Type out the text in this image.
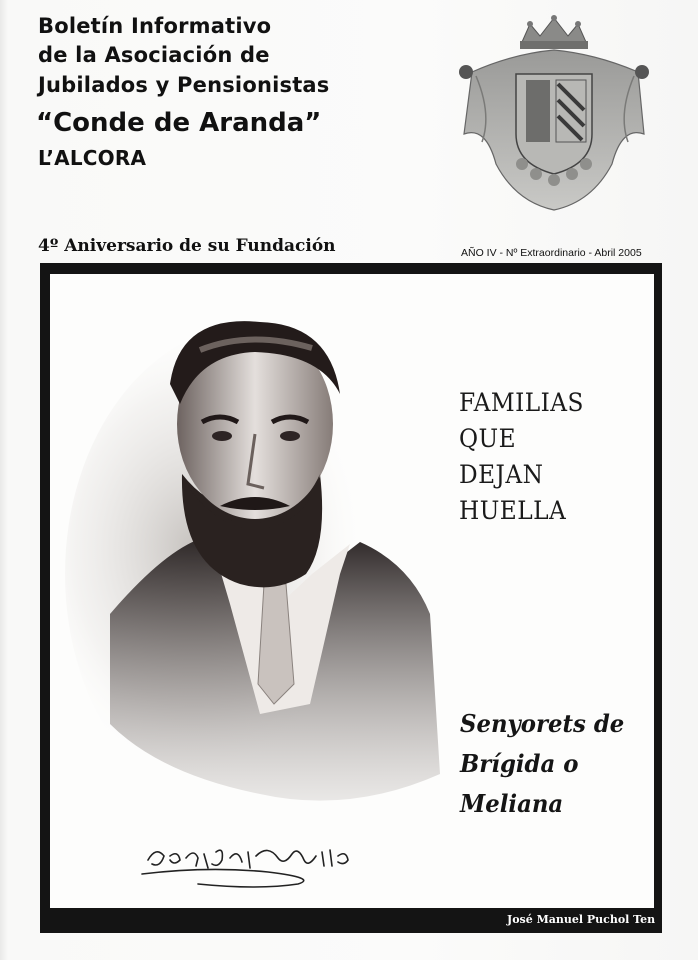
Boletín Informativo
de la Asociación de
Jubilados y Pensionistas
“Conde de Aranda”
L’ALCORA
4º Aniversario de su Fundación	AÑO IV - Nº Extraordinario - Abril 2005
FAMILIAS
QUE
DEJAN
HUELLA
Senyorets de
Brígida o
Meliana
José Manuel Puchol Ten
